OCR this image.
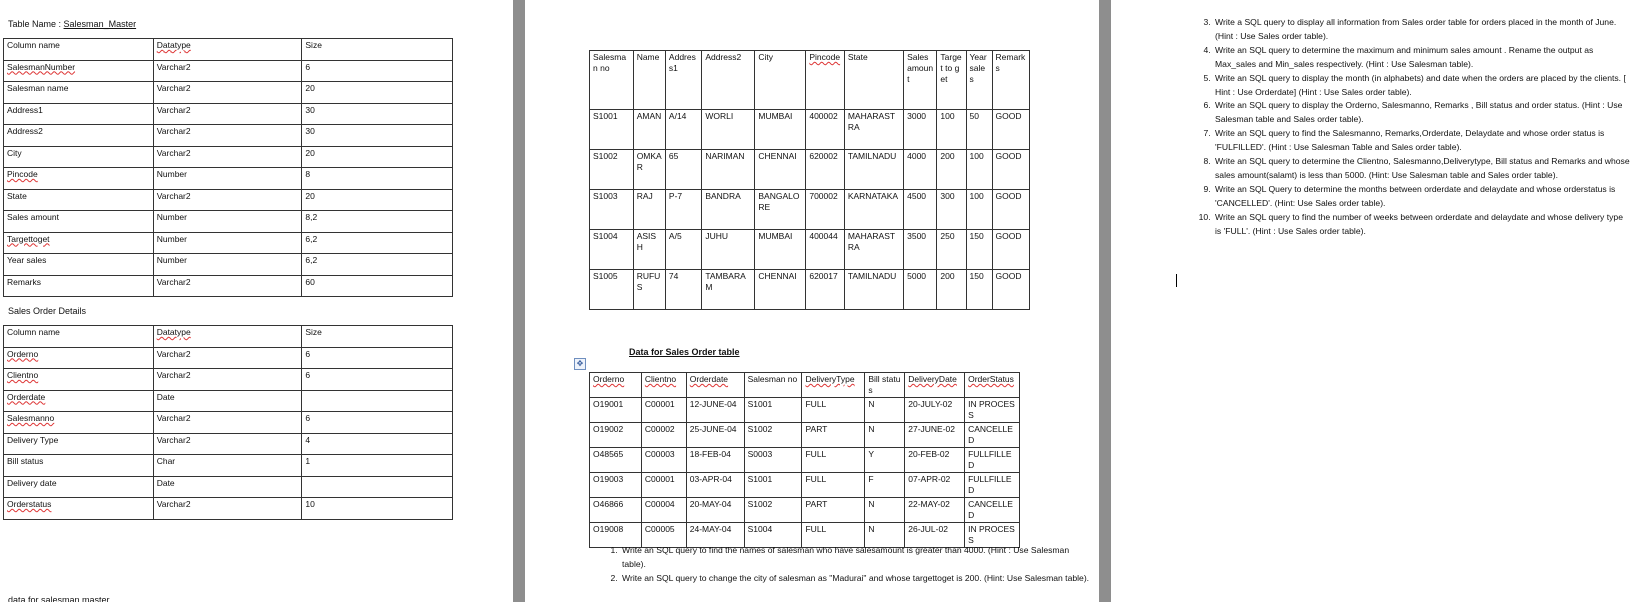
Table Name : Salesman_Master
Column name	Datatype	Size
SalesmanNumber	Varchar2	6
Salesman name	Varchar2	20
Address1	Varchar2	30
Address2	Varchar2	30
City	Varchar2	20
Pincode	Number	8
State	Varchar2	20
Sales amount	Number	8,2
Targettoget	Number	6,2
Year sales	Number	6,2
Remarks	Varchar2	60
Sales Order Details
Column name	Datatype	Size
Orderno	Varchar2	6
Clientno	Varchar2	6
Orderdate	Date	
Salesmanno	Varchar2	6
Delivery Type	Varchar2	4
Bill status	Char	1
Delivery date	Date	
Orderstatus	Varchar2	10
data for salesman master
Salesman no	Name	Address1	Address2	City	Pincode	State	Sales amount	Target to get	Year sales	Remarks
S1001	AMAN	A/14	WORLI	MUMBAI	400002	MAHARASTRA	3000	100	50	GOOD
S1002	OMKAR	65	NARIMAN	CHENNAI	620002	TAMILNADU	4000	200	100	GOOD
S1003	RAJ	P-7	BANDRA	BANGALORE	700002	KARNATAKA	4500	300	100	GOOD
S1004	ASISH	A/5	JUHU	MUMBAI	400044	MAHARASTRA	3500	250	150	GOOD
S1005	RUFUS	74	TAMBARAM	CHENNAI	620017	TAMILNADU	5000	200	150	GOOD
Data for Sales Order table
✥
Orderno	Clientno	Orderdate	Salesman no	DeliveryType	Bill status	DeliveryDate	OrderStatus
O19001	C00001	12-JUNE-04	S1001	FULL	N	20-JULY-02	IN PROCESS
O19002	C00002	25-JUNE-04	S1002	PART	N	27-JUNE-02	CANCELLED
O48565	C00003	18-FEB-04	S0003	FULL	Y	20-FEB-02	FULLFILLED
O19003	C00001	03-APR-04	S1001	FULL	F	07-APR-02	FULLFILLED
O46866	C00004	20-MAY-04	S1002	PART	N	22-MAY-02	CANCELLED
O19008	C00005	24-MAY-04	S1004	FULL	N	26-JUL-02	IN PROCESS
1. Write an SQL query to find the names of salesman who have salesamount is greater than 4000. (Hint : Use Salesman table).
2. Write an SQL query to change the city of salesman as "Madurai" and whose targettoget is 200. (Hint: Use Salesman table).
3. Write a SQL query to display all information from Sales order table for orders placed in the month of June. (Hint : Use Sales order table).
4. Write an SQL query to determine the maximum and minimum sales amount . Rename the output as Max_sales and Min_sales respectively. (Hint : Use Salesman table).
5. Write an SQL query to display the month (in alphabets) and date when the orders are placed by the clients. [ Hint : Use Orderdate] (Hint : Use Sales order table).
6. Write an SQL query to display the Orderno, Salesmanno, Remarks , Bill status and order status. (Hint : Use Salesman table and Sales order table).
7. Write an SQL query to find the Salesmanno, Remarks,Orderdate, Delaydate and whose order status is 'FULFILLED'. (Hint : Use Salesman Table and Sales order table).
8. Write an SQL query to determine the Clientno, Salesmanno,Deliverytype, Bill status and Remarks and whose sales amount(salamt) is less than 5000. (Hint: Use Salesman table and Sales order table).
9. Write an SQL Query to determine the months between orderdate and delaydate and whose orderstatus is 'CANCELLED'. (Hint: Use Sales order table).
10. Write an SQL query to find the number of weeks between orderdate and delaydate and whose delivery type is 'FULL'. (Hint : Use Sales order table).
